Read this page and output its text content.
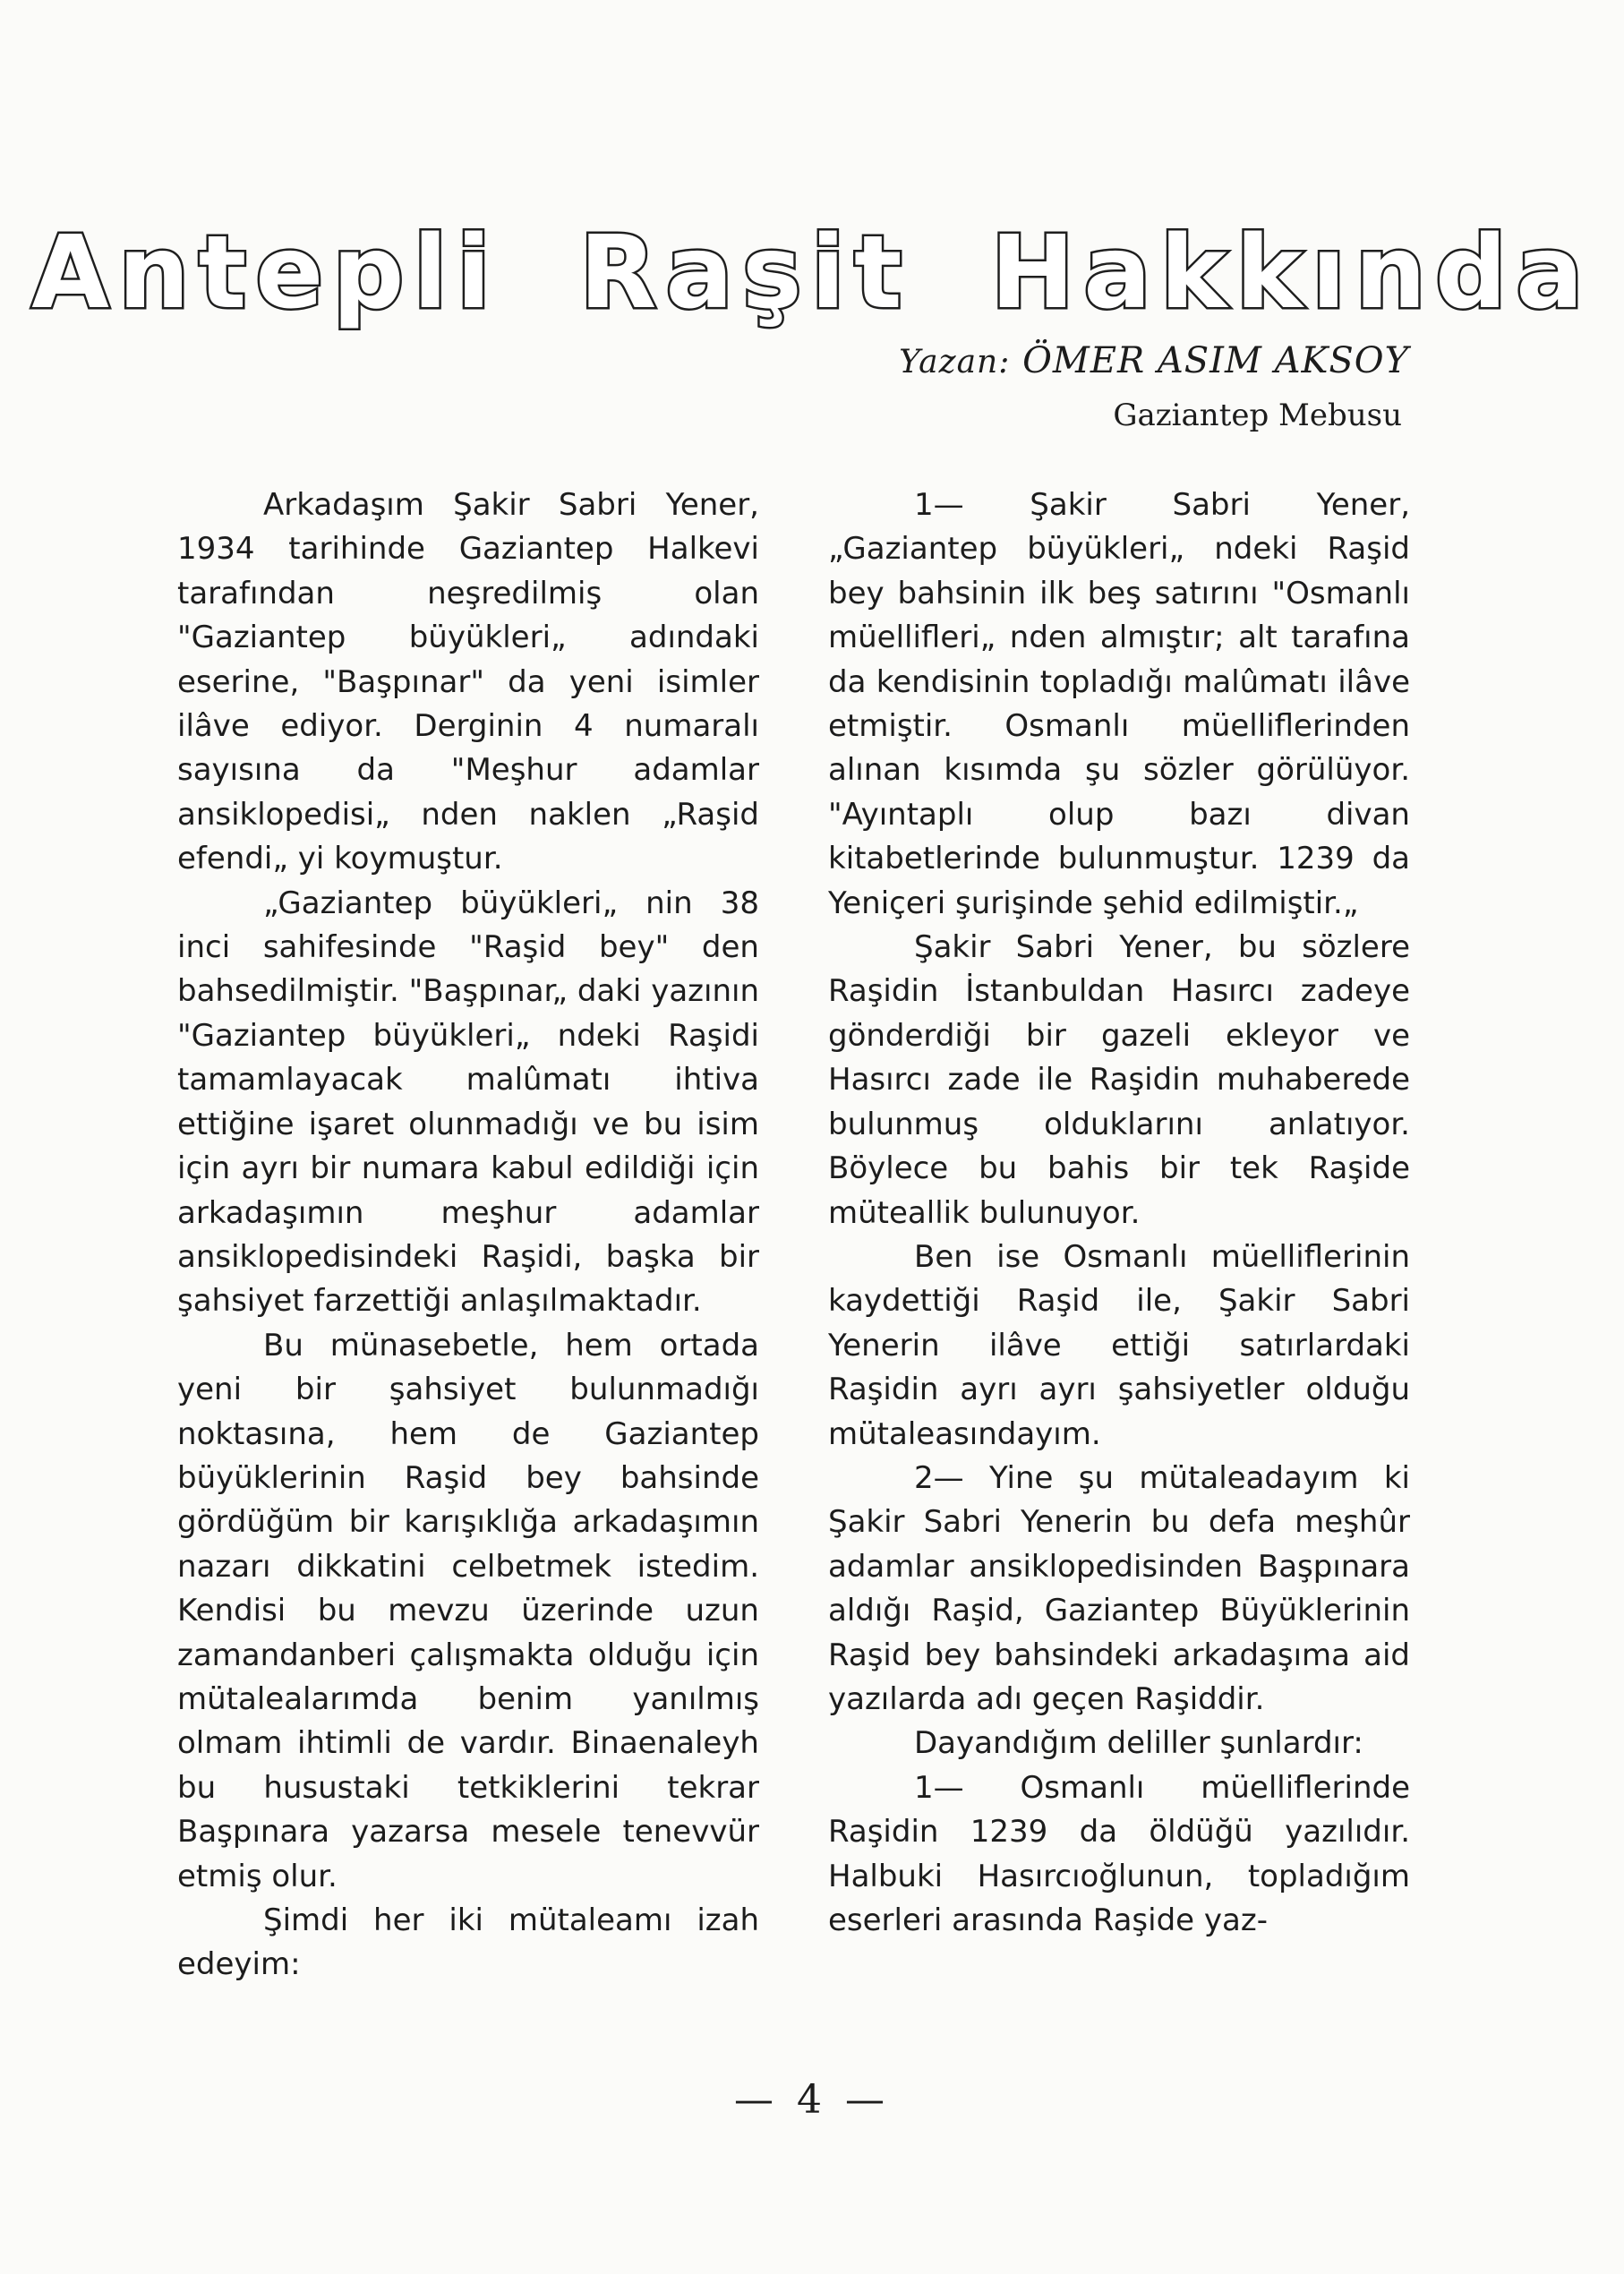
Antepli Raşit Hakkında
Yazan: ÖMER ASIM AKSOY
Gaziantep Mebusu

Arkadaşım Şakir Sabri Yener, 1934 tarihinde Gaziantep Halkevi tarafından neşredilmiş olan "Gaziantep büyükleri„ adındaki eserine, "Başpınar" da yeni isimler ilâve ediyor. Derginin 4 numaralı sayısına da "Meşhur adamlar ansiklopedisi„ nden naklen „Raşid efendi„ yi koymuştur.

„Gaziantep büyükleri„ nin 38 inci sahifesinde "Raşid bey" den bahsedilmiştir. "Başpınar„ daki yazının "Gaziantep büyükleri„ ndeki Raşidi tamamlayacak malûmatı ihtiva ettiğine işaret olunmadığı ve bu isim için ayrı bir numara kabul edildiği için arkadaşımın meşhur adamlar ansiklopedisindeki Raşidi, başka bir şahsiyet farzettiği anlaşılmaktadır.

Bu münasebetle, hem ortada yeni bir şahsiyet bulunmadığı noktasına, hem de Gaziantep büyüklerinin Raşid bey bahsinde gördüğüm bir karışıklığa arkadaşımın nazarı dikkatini celbetmek istedim. Kendisi bu mevzu üzerinde uzun zamandanberi çalışmakta olduğu için mütalealarımda benim yanılmış olmam ihtimli de vardır. Binaenaleyh bu husustaki tetkiklerini tekrar Başpınara yazarsa mesele tenevvür etmiş olur.

Şimdi her iki mütaleamı izah edeyim:

1— Şakir Sabri Yener, „Gaziantep büyükleri„ ndeki Raşid bey bahsinin ilk beş satırını "Osmanlı müellifleri„ nden almıştır; alt tarafına da kendisinin topladığı malûmatı ilâve etmiştir. Osmanlı müelliflerinden alınan kısımda şu sözler görülüyor. "Ayıntaplı olup bazı divan kitabetlerinde bulunmuştur. 1239 da Yeniçeri şurişinde şehid edilmiştir.„

Şakir Sabri Yener, bu sözlere Raşidin İstanbuldan Hasırcı zadeye gönderdiği bir gazeli ekleyor ve Hasırcı zade ile Raşidin muhaberede bulunmuş olduklarını anlatıyor. Böylece bu bahis bir tek Raşide müteallik bulunuyor.

Ben ise Osmanlı müelliflerinin kaydettiği Raşid ile, Şakir Sabri Yenerin ilâve ettiği satırlardaki Raşidin ayrı ayrı şahsiyetler olduğu mütaleasındayım.

2— Yine şu mütaleadayım ki Şakir Sabri Yenerin bu defa meşhûr adamlar ansiklopedisinden Başpınara aldığı Raşid, Gaziantep Büyüklerinin Raşid bey bahsindeki arkadaşıma aid yazılarda adı geçen Raşiddir.

Dayandığım deliller şunlardır:

1— Osmanlı müelliflerinde Raşidin 1239 da öldüğü yazılıdır. Halbuki Hasırcıoğlunun, topladığım eserleri arasında Raşide yaz-

— 4 —
